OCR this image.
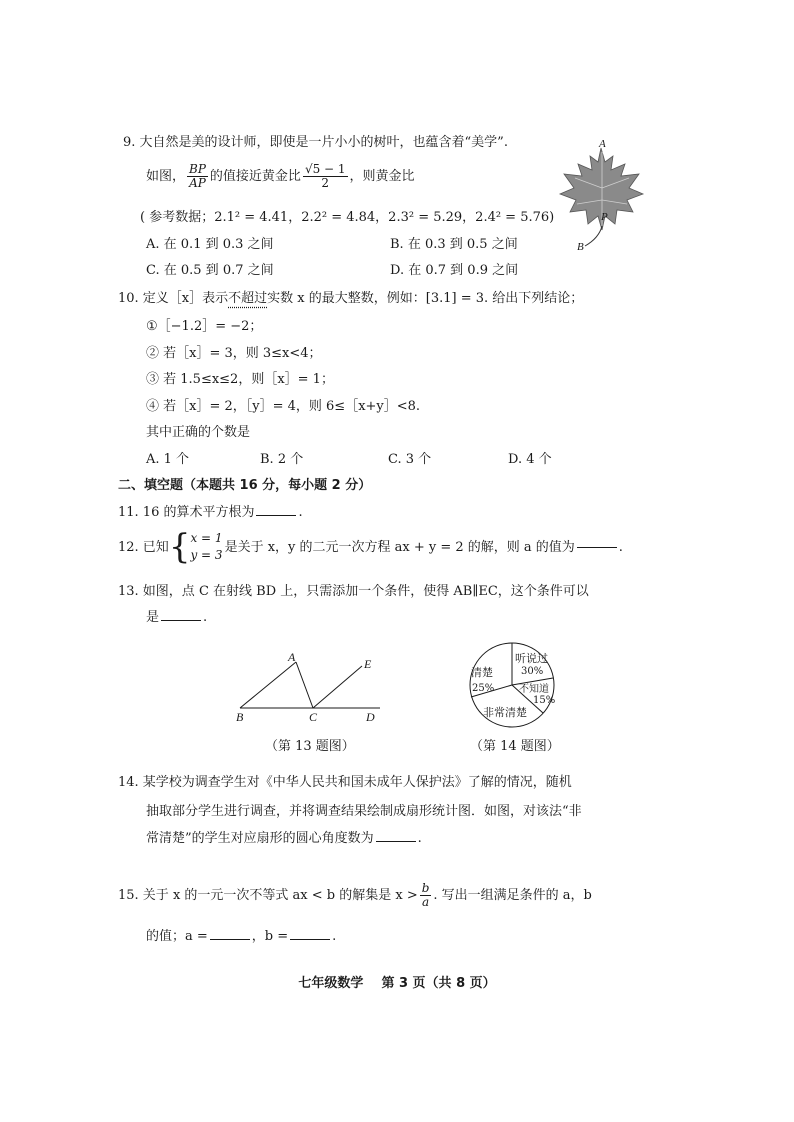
9. 大自然是美的设计师，即使是一片小小的树叶，也蕴含着“美学”.
如图， $\frac{BP}{AP}$ 的值接近黄金比 $\frac{√5 - 1}{2}$ ，则黄金比
( 参考数据；2.1² = 4.41，2.2² = 4.84，2.3² = 5.29，2.4² = 5.76)
A. 在 0.1 到 0.3 之间	B. 在 0.3 到 0.5 之间
C. 在 0.5 到 0.7 之间	D. 在 0.7 到 0.9 之间
A
P
B
10. 定义［x］表示不超过实数 x 的最大整数，例如：[3.1] = 3. 给出下列结论；
①［−1.2］= −2；
② 若［x］= 3，则 3≤x<4；
③ 若 1.5≤x≤2，则［x］= 1；
④ 若［x］= 2，［y］= 4，则 6≤［x+y］<8.
其中正确的个数是
A. 1 个	B. 2 个	C. 3 个	D. 4 个
二、填空题（本题共 16 分，每小题 2 分）
11. 16 的算术平方根为	.
12. 已知 { x = 1
y = 3
是关于 x，y 的二元一次方程 ax + y = 2 的解，则 a 的值为	.
13. 如图，点 C 在射线 BD 上，只需添加一个条件，使得 AB∥EC，这个条件可以
是	.
A
B	C	D
E
（第 13 题图）
听说过
30%
清楚
25% 不知道
15%
非常清楚
（第 14 题图）
14. 某学校为调查学生对《中华人民共和国未成年人保护法》了解的情况，随机
抽取部分学生进行调查，并将调查结果绘制成扇形统计图．如图，对该法“非
常清楚”的学生对应扇形的圆心角度数为	.
15. 关于 x 的一元一次不等式 ax < b 的解集是 $x > \frac{b}{a}$ . 写出一组满足条件的 a，b
的值；a =	，b =	.
七年级数学    第 3 页（共 8 页）
